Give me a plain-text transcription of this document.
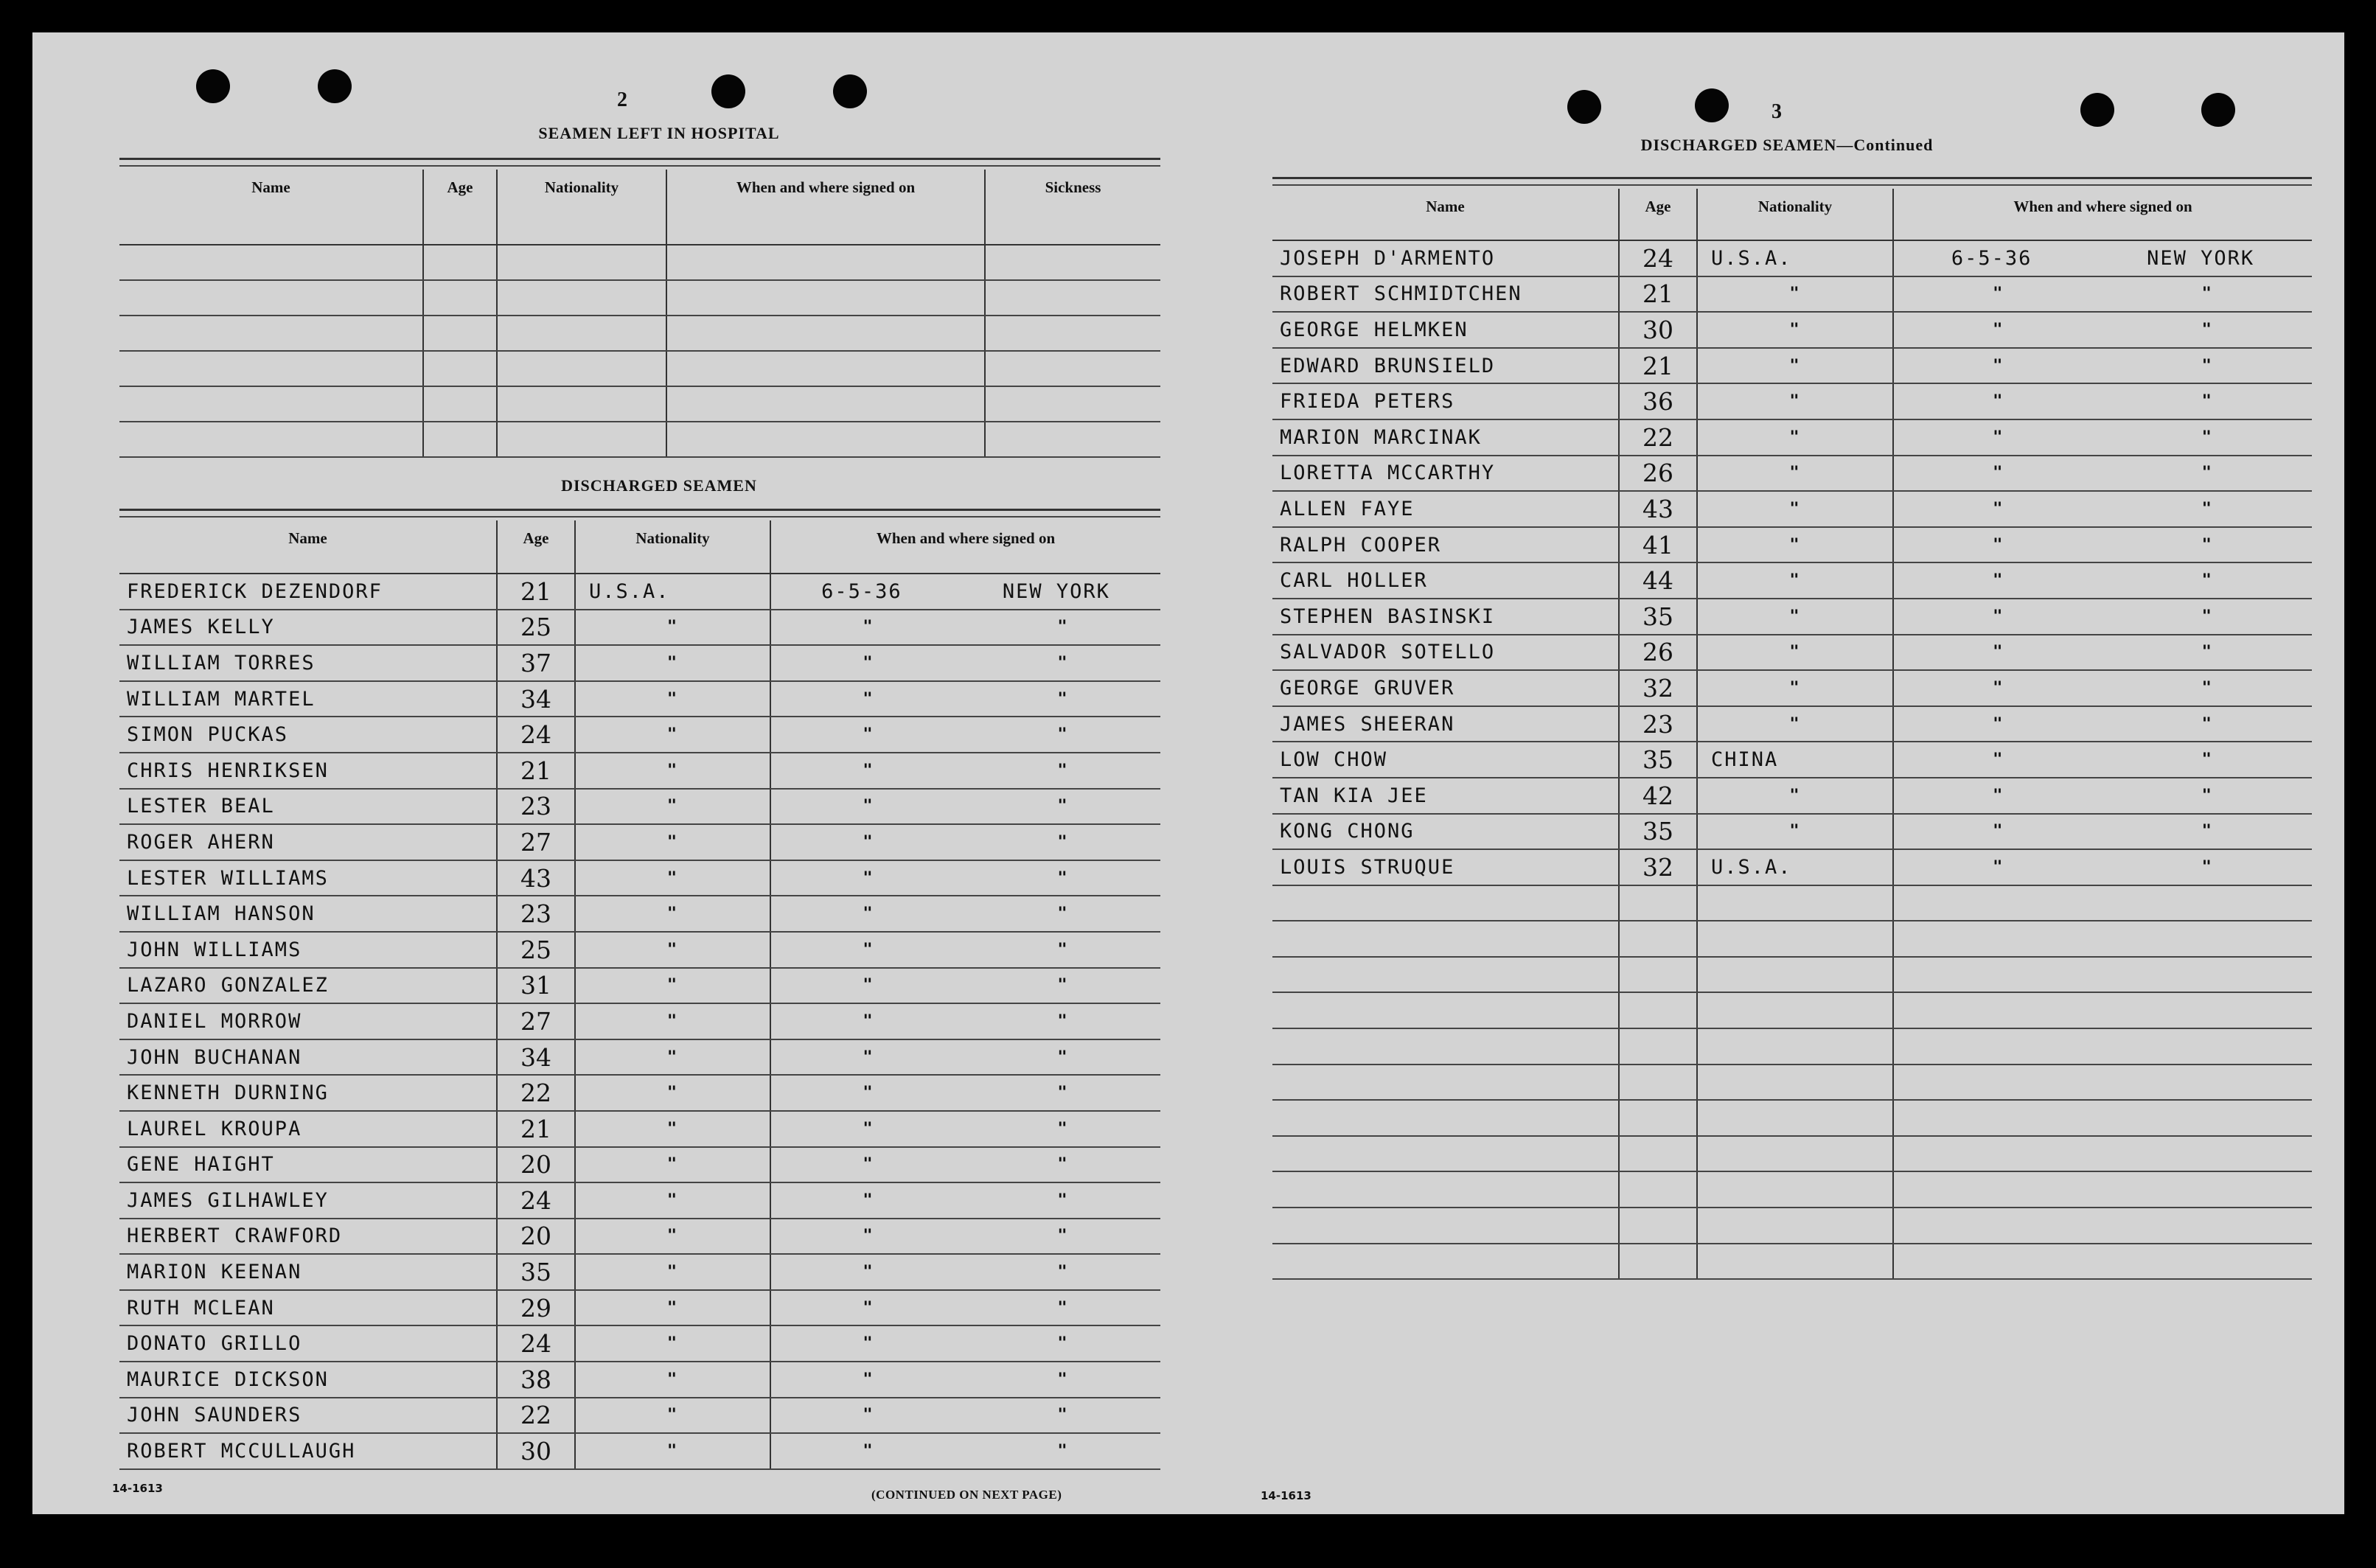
2
SEAMEN LEFT IN HOSPITAL
Name	Age	Nationality	When and where signed on	Sickness

DISCHARGED SEAMEN
Name	Age	Nationality	When and where signed on
FREDERICK DEZENDORF	21	U.S.A.	6-5-36 NEW YORK

JAMES KELLY	25	"	" "

WILLIAM TORRES	37	"	" "

WILLIAM MARTEL	34	"	" "

SIMON PUCKAS	24	"	" "

CHRIS HENRIKSEN	21	"	" "

LESTER BEAL	23	"	" "

ROGER AHERN	27	"	" "

LESTER WILLIAMS	43	"	" "

WILLIAM HANSON	23	"	" "

JOHN WILLIAMS	25	"	" "

LAZARO GONZALEZ	31	"	" "

DANIEL MORROW	27	"	" "

JOHN BUCHANAN	34	"	" "

KENNETH DURNING	22	"	" "

LAUREL KROUPA	21	"	" "

GENE HAIGHT	20	"	" "

JAMES GILHAWLEY	24	"	" "

HERBERT CRAWFORD	20	"	" "

MARION KEENAN	35	"	" "

RUTH MCLEAN	29	"	" "

DONATO GRILLO	24	"	" "

MAURICE DICKSON	38	"	" "

JOHN SAUNDERS	22	"	" "

ROBERT MCCULLAUGH	30	"	" "
14-1613	(CONTINUED ON NEXT PAGE)
3
DISCHARGED SEAMEN—Continued
Name	Age	Nationality	When and where signed on
JOSEPH D'ARMENTO	24	U.S.A.	6-5-36 NEW YORK

ROBERT SCHMIDTCHEN	21	"	" "

GEORGE HELMKEN	30	"	" "

EDWARD BRUNSIELD	21	"	" "

FRIEDA PETERS	36	"	" "

MARION MARCINAK	22	"	" "

LORETTA MCCARTHY	26	"	" "

ALLEN FAYE	43	"	" "

RALPH COOPER	41	"	" "

CARL HOLLER	44	"	" "

STEPHEN BASINSKI	35	"	" "

SALVADOR SOTELLO	26	"	" "

GEORGE GRUVER	32	"	" "

JAMES SHEERAN	23	"	" "

LOW CHOW	35	CHINA	" "

TAN KIA JEE	42	"	" "

KONG CHONG	35	"	" "

LOUIS STRUQUE	32	U.S.A.	" "

14-1613
